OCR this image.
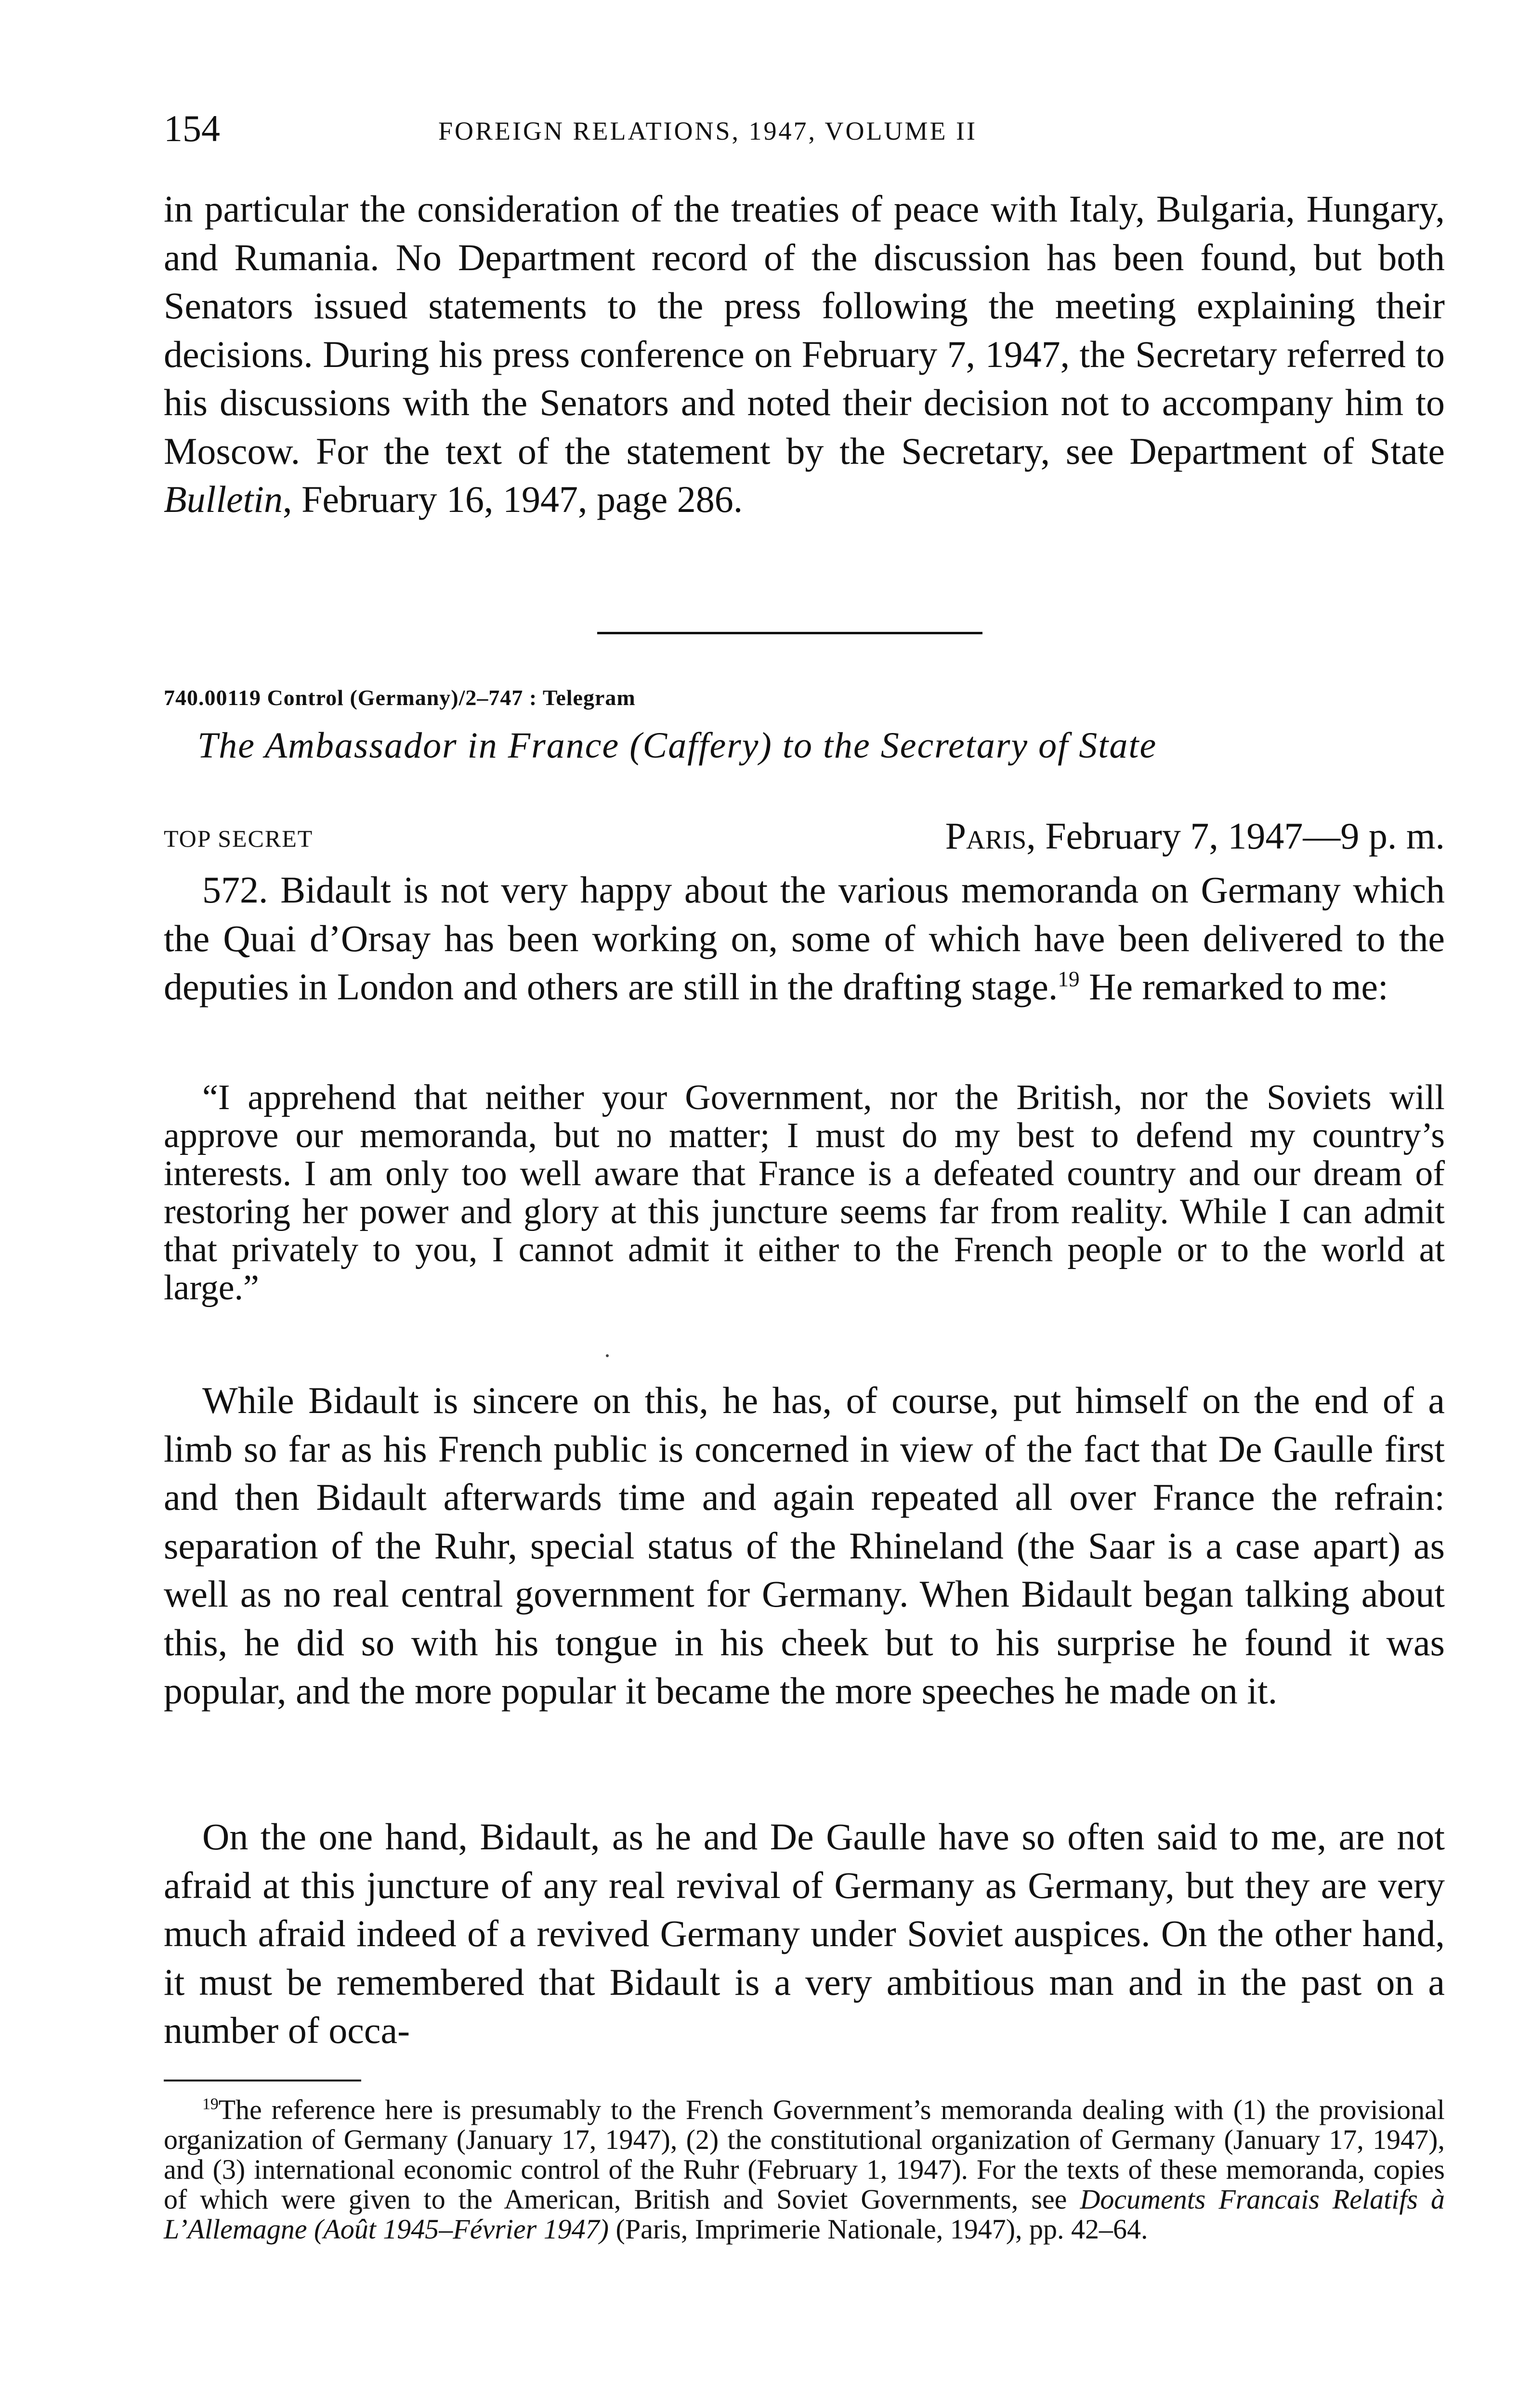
154	FOREIGN RELATIONS, 1947, VOLUME II

in particular the consideration of the treaties of peace with Italy, Bulgaria, Hungary, and Rumania. No Department record of the discussion has been found, but both Senators issued statements to the press following the meeting explaining their decisions. During his press conference on February 7, 1947, the Secretary referred to his discussions with the Senators and noted their decision not to accompany him to Moscow. For the text of the statement by the Secretary, see Department of State Bulletin, February 16, 1947, page 286.

740.00119 Control (Germany)/2–747 : Telegram
The Ambassador in France (Caffery) to the Secretary of State
TOP SECRET	Paris, February 7, 1947—9 p. m.

572. Bidault is not very happy about the various memoranda on Germany which the Quai d’Orsay has been working on, some of which have been delivered to the deputies in London and others are still in the drafting stage.$^{19}$ He remarked to me:

“I apprehend that neither your Government, nor the British, nor the Soviets will approve our memoranda, but no matter; I must do my best to defend my country’s interests. I am only too well aware that France is a defeated country and our dream of restoring her power and glory at this juncture seems far from reality. While I can admit that privately to you, I cannot admit it either to the French people or to the world at large.”

While Bidault is sincere on this, he has, of course, put himself on the end of a limb so far as his French public is concerned in view of the fact that De Gaulle first and then Bidault afterwards time and again repeated all over France the refrain: separation of the Ruhr, special status of the Rhineland (the Saar is a case apart) as well as no real central government for Germany. When Bidault began talking about this, he did so with his tongue in his cheek but to his surprise he found it was popular, and the more popular it became the more speeches he made on it.

On the one hand, Bidault, as he and De Gaulle have so often said to me, are not afraid at this juncture of any real revival of Germany as Germany, but they are very much afraid indeed of a revived Germany under Soviet auspices. On the other hand, it must be remembered that Bidault is a very ambitious man and in the past on a number of occa-

$^{19}$The reference here is presumably to the French Government’s memoranda dealing with (1) the provisional organization of Germany (January 17, 1947), (2) the constitutional organization of Germany (January 17, 1947), and (3) international economic control of the Ruhr (February 1, 1947). For the texts of these memoranda, copies of which were given to the American, British and Soviet Governments, see Documents Francais Relatifs à L’Allemagne (Août 1945–Février 1947) (Paris, Imprimerie Nationale, 1947), pp. 42–64.
